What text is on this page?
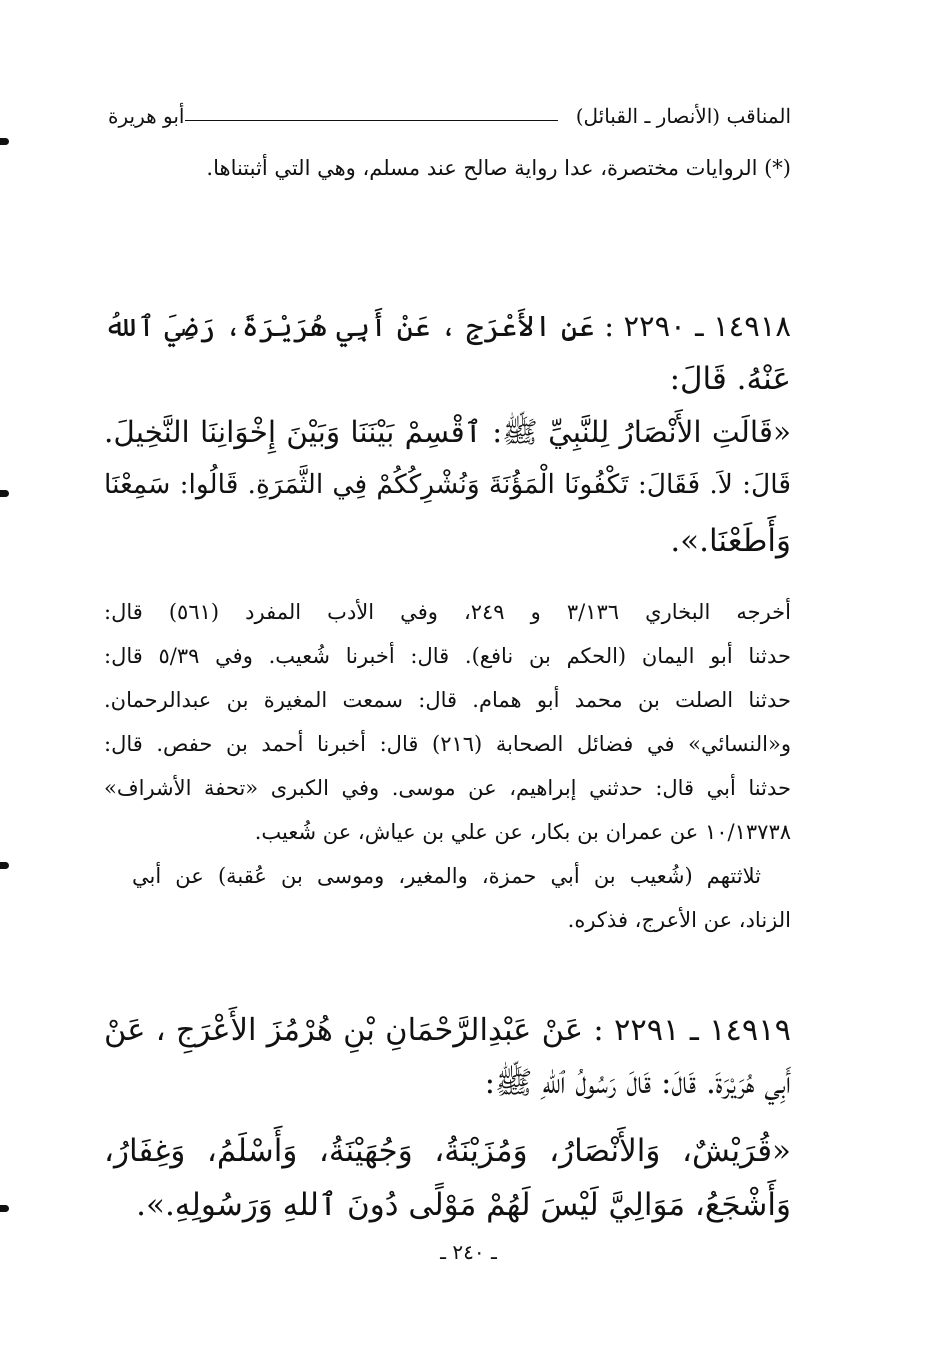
المناقب (الأنصار ـ القبائل)
أبو هريرة
(*) الروايات مختصرة، عدا رواية صالح عند مسلم، وهي التي أثبتناها.
١٤٩١٨ ـ ٢٢٩٠ : عَنِ الأَعْرَجِ ، عَنْ أَبِي هُرَيْرَةَ، رَضِيَ ٱللهُ
عَنْهُ. قَالَ:
«قَالَتِ الأَنْصَارُ لِلنَّبِيِّ ﷺ: ٱقْسِمْ بَيْنَنَا وَبَيْنَ إِخْوَانِنَا النَّخِيلَ.
قَالَ: لاَ. فَقَالَ: تَكْفُونَا الْمَؤُنَةَ وَنُشْرِكُكُمْ فِي الثَّمَرَةِ. قَالُوا: سَمِعْنَا
وَأَطَعْنَا.».
أخرجه البخاري ٣/١٣٦ و ٢٤٩، وفي الأدب المفرد (٥٦١) قال:
حدثنا أبو اليمان (الحكم بن نافع). قال: أخبرنا شُعيب. وفي ٥/٣٩ قال:
حدثنا الصلت بن محمد أبو همام. قال: سمعت المغيرة بن عبدالرحمان.
و«النسائي» في فضائل الصحابة (٢١٦) قال: أخبرنا أحمد بن حفص. قال:
حدثنا أبي قال: حدثني إبراهيم، عن موسى. وفي الكبرى «تحفة الأشراف»
١٠/١٣٧٣٨ عن عمران بن بكار، عن علي بن عياش، عن شُعيب.
ثلاثتهم (شُعيب بن أبي حمزة، والمغير، وموسى بن عُقبة) عن أبي
الزناد، عن الأعرج، فذكره.
١٤٩١٩ ـ ٢٢٩١ : عَنْ عَبْدِالرَّحْمَانِ بْنِ هُرْمُزَ الأَعْرَجِ ، عَنْ
أَبِي هُرَيْرَةَ. قَالَ: قَالَ رَسُولُ ٱللهِ ﷺ:
«قُرَيْشٌ، وَالأَنْصَارُ، وَمُزَيْنَةُ، وَجُهَيْنَةُ، وَأَسْلَمُ، وَغِفَارُ،
وَأَشْجَعُ، مَوَالِيَّ لَيْسَ لَهُمْ مَوْلًى دُونَ ٱللهِ وَرَسُولِهِ.».
ـ ٢٤٠ ـ
